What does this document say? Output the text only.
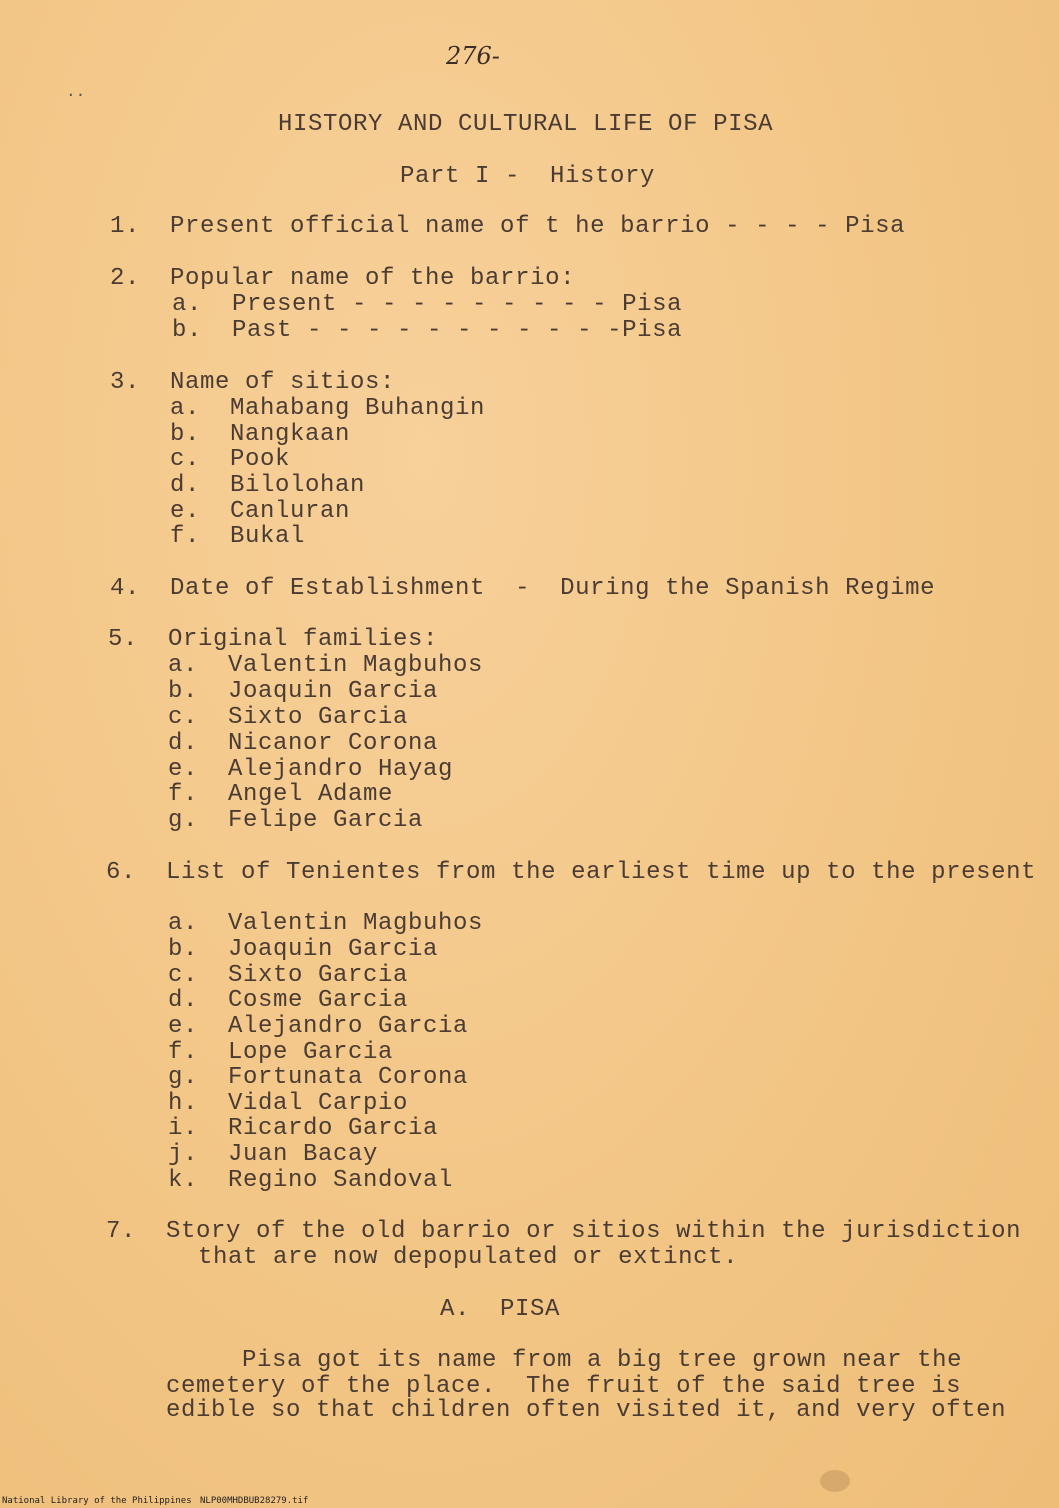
··
276-
HISTORY AND CULTURAL LIFE OF PISA
Part I -  History
1.  Present official name of t he barrio - - - - Pisa
2.  Popular name of the barrio:
a.  Present - - - - - - - - - Pisa
b.  Past - - - - - - - - - - -Pisa
3.  Name of sitios:
a.  Mahabang Buhangin
b.  Nangkaan
c.  Pook
d.  Bilolohan
e.  Canluran
f.  Bukal
4.  Date of Establishment  -  During the Spanish Regime
5.  Original families:
a.  Valentin Magbuhos
b.  Joaquin Garcia
c.  Sixto Garcia
d.  Nicanor Corona
e.  Alejandro Hayag
f.  Angel Adame
g.  Felipe Garcia
6.  List of Tenientes from the earliest time up to the present
a.  Valentin Magbuhos
b.  Joaquin Garcia
c.  Sixto Garcia
d.  Cosme Garcia
e.  Alejandro Garcia
f.  Lope Garcia
g.  Fortunata Corona
h.  Vidal Carpio
i.  Ricardo Garcia
j.  Juan Bacay
k.  Regino Sandoval
7.  Story of the old barrio or sitios within the jurisdiction
that are now depopulated or extinct.
A.  PISA
Pisa got its name from a big tree grown near the
cemetery of the place.  The fruit of the said tree is
edible so that children often visited it, and very often
National Library of the Philippines NLP00MHDBUB28279.tif
